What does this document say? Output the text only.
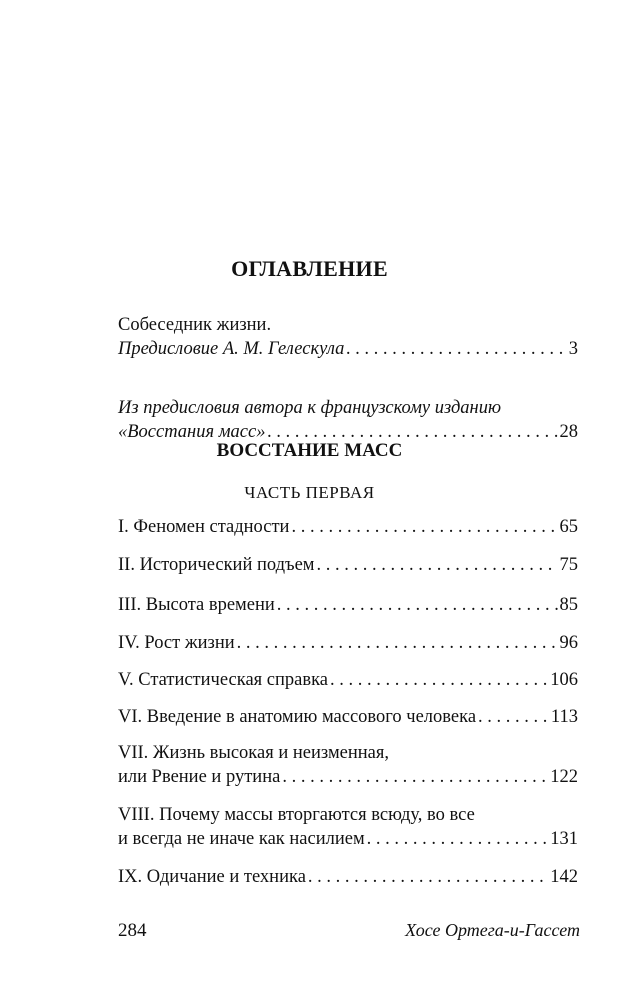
ОГЛАВЛЕНИЕ
Собеседник жизни.
Предисловие А. М. Гелескула . . .	3
Из предисловия автора к французскому изданию
«Восстания масс» . . .	28
ВОССТАНИЕ МАСС
ЧАСТЬ ПЕРВАЯ
I. Феномен стадности . . .	65
II. Исторический подъем . . .	75
III. Высота времени . . .	85
IV. Рост жизни . . .	96
V. Статистическая справка . . .	106
VI. Введение в анатомию массового человека . . .	113
VII. Жизнь высокая и неизменная,
или Рвение и рутина . . .	122
VIII. Почему массы вторгаются всюду, во все
и всегда не иначе как насилием . . .	131
IX. Одичание и техника . . .	142
284	Хосе Ортега-и-Гассет
